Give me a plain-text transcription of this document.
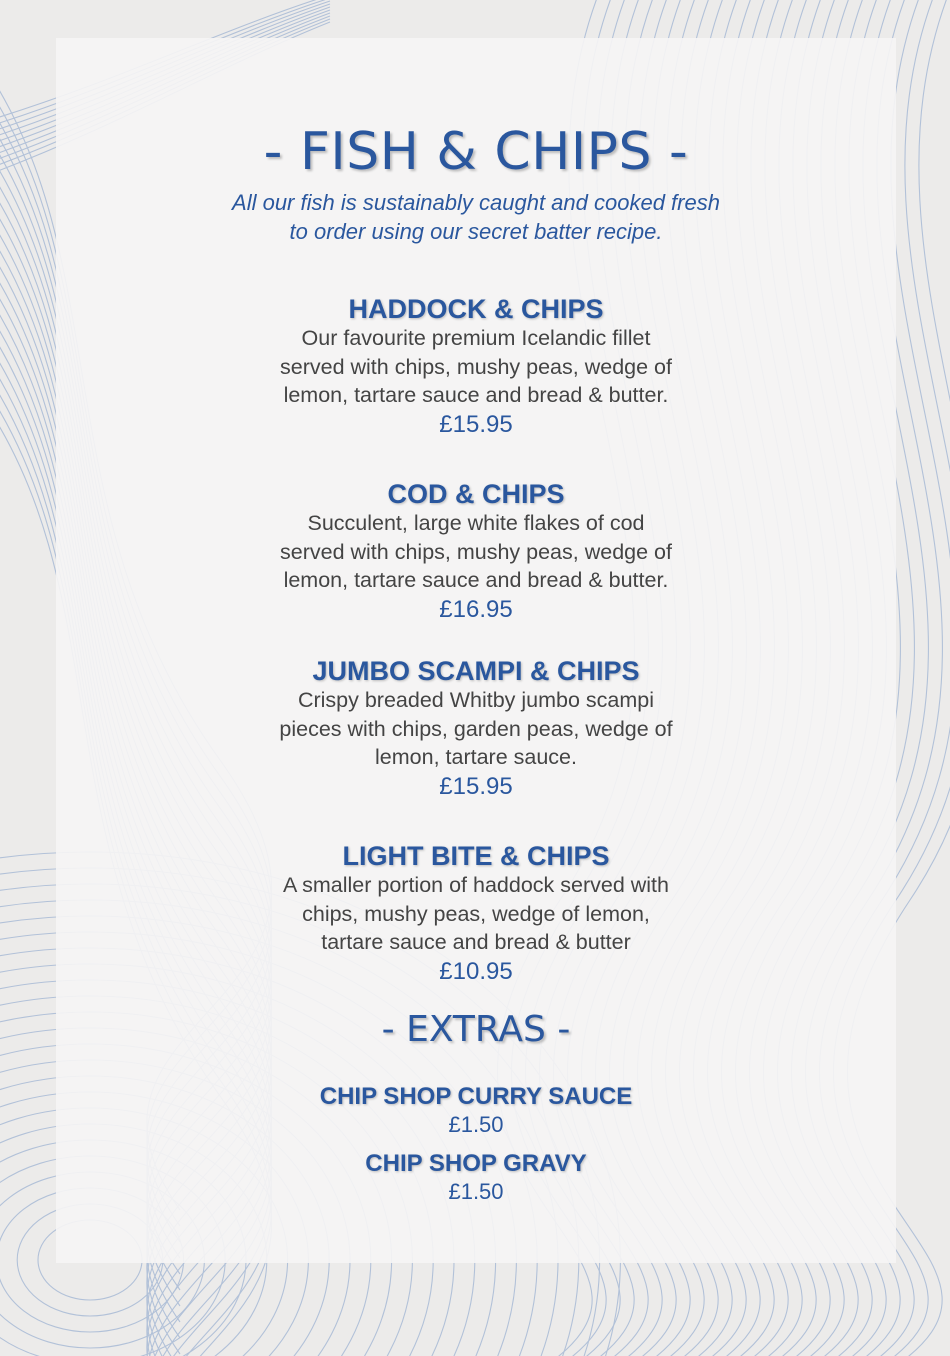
- FISH & CHIPS -
All our fish is sustainably caught and cooked fresh
to order using our secret batter recipe.
HADDOCK & CHIPS
Our favourite premium Icelandic fillet
served with chips, mushy peas, wedge of
lemon, tartare sauce and bread & butter.
£15.95
COD & CHIPS
Succulent, large white flakes of cod
served with chips, mushy peas, wedge of
lemon, tartare sauce and bread & butter.
£16.95
JUMBO SCAMPI & CHIPS
Crispy breaded Whitby jumbo scampi
pieces with chips, garden peas, wedge of
lemon, tartare sauce.
£15.95
LIGHT BITE & CHIPS
A smaller portion of haddock served with
chips, mushy peas, wedge of lemon,
tartare sauce and bread & butter
£10.95
- EXTRAS -
CHIP SHOP CURRY SAUCE
£1.50
CHIP SHOP GRAVY
£1.50
